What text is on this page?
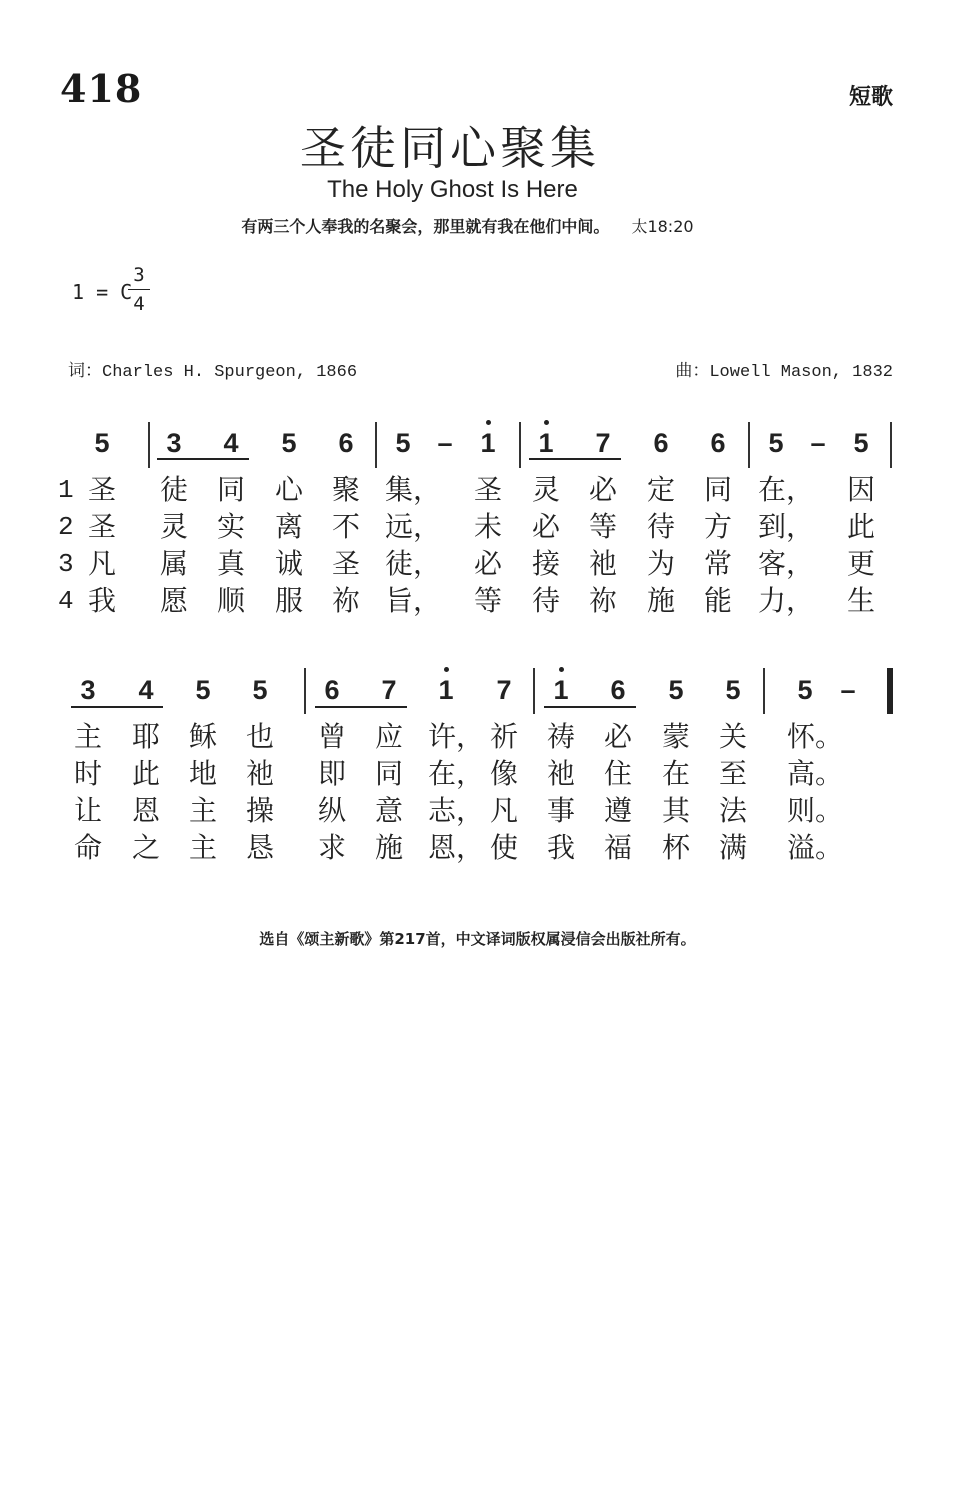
418	短歌
圣徒同心聚集
The Holy Ghost Is Here
有两三个人奉我的名聚会，那里就有我在他们中间。 太18:20
1 = C
3
4
词：Charles H. Spurgeon, 1866	曲：Lowell Mason, 1832
5	3	4	5	6	5 –	1	1	7	6	6	5 –	5
1 圣 徒 同 心 聚 集， 圣 灵 必 定 同 在， 因
2 圣 灵 实 离 不 远， 未 必 等 待 方 到， 此
3 凡 属 真 诚 圣 徒， 必 接 祂 为 常 客， 更
4 我 愿 顺 服 祢 旨， 等 待 祢 施 能 力， 生
3	4	5	5	6	7	1	7	1	6	5	5	5	–
主 耶 稣 也 曾 应 许， 祈 祷 必 蒙 关 怀。
时 此 地 祂 即 同 在， 像 祂 住 在 至 高。
让 恩 主 操 纵 意 志， 凡 事 遵 其 法 则。
命 之 主 恳 求 施 恩， 使 我 福 杯 满 溢。
选自《颂主新歌》第217首，中文译词版权属浸信会出版社所有。
